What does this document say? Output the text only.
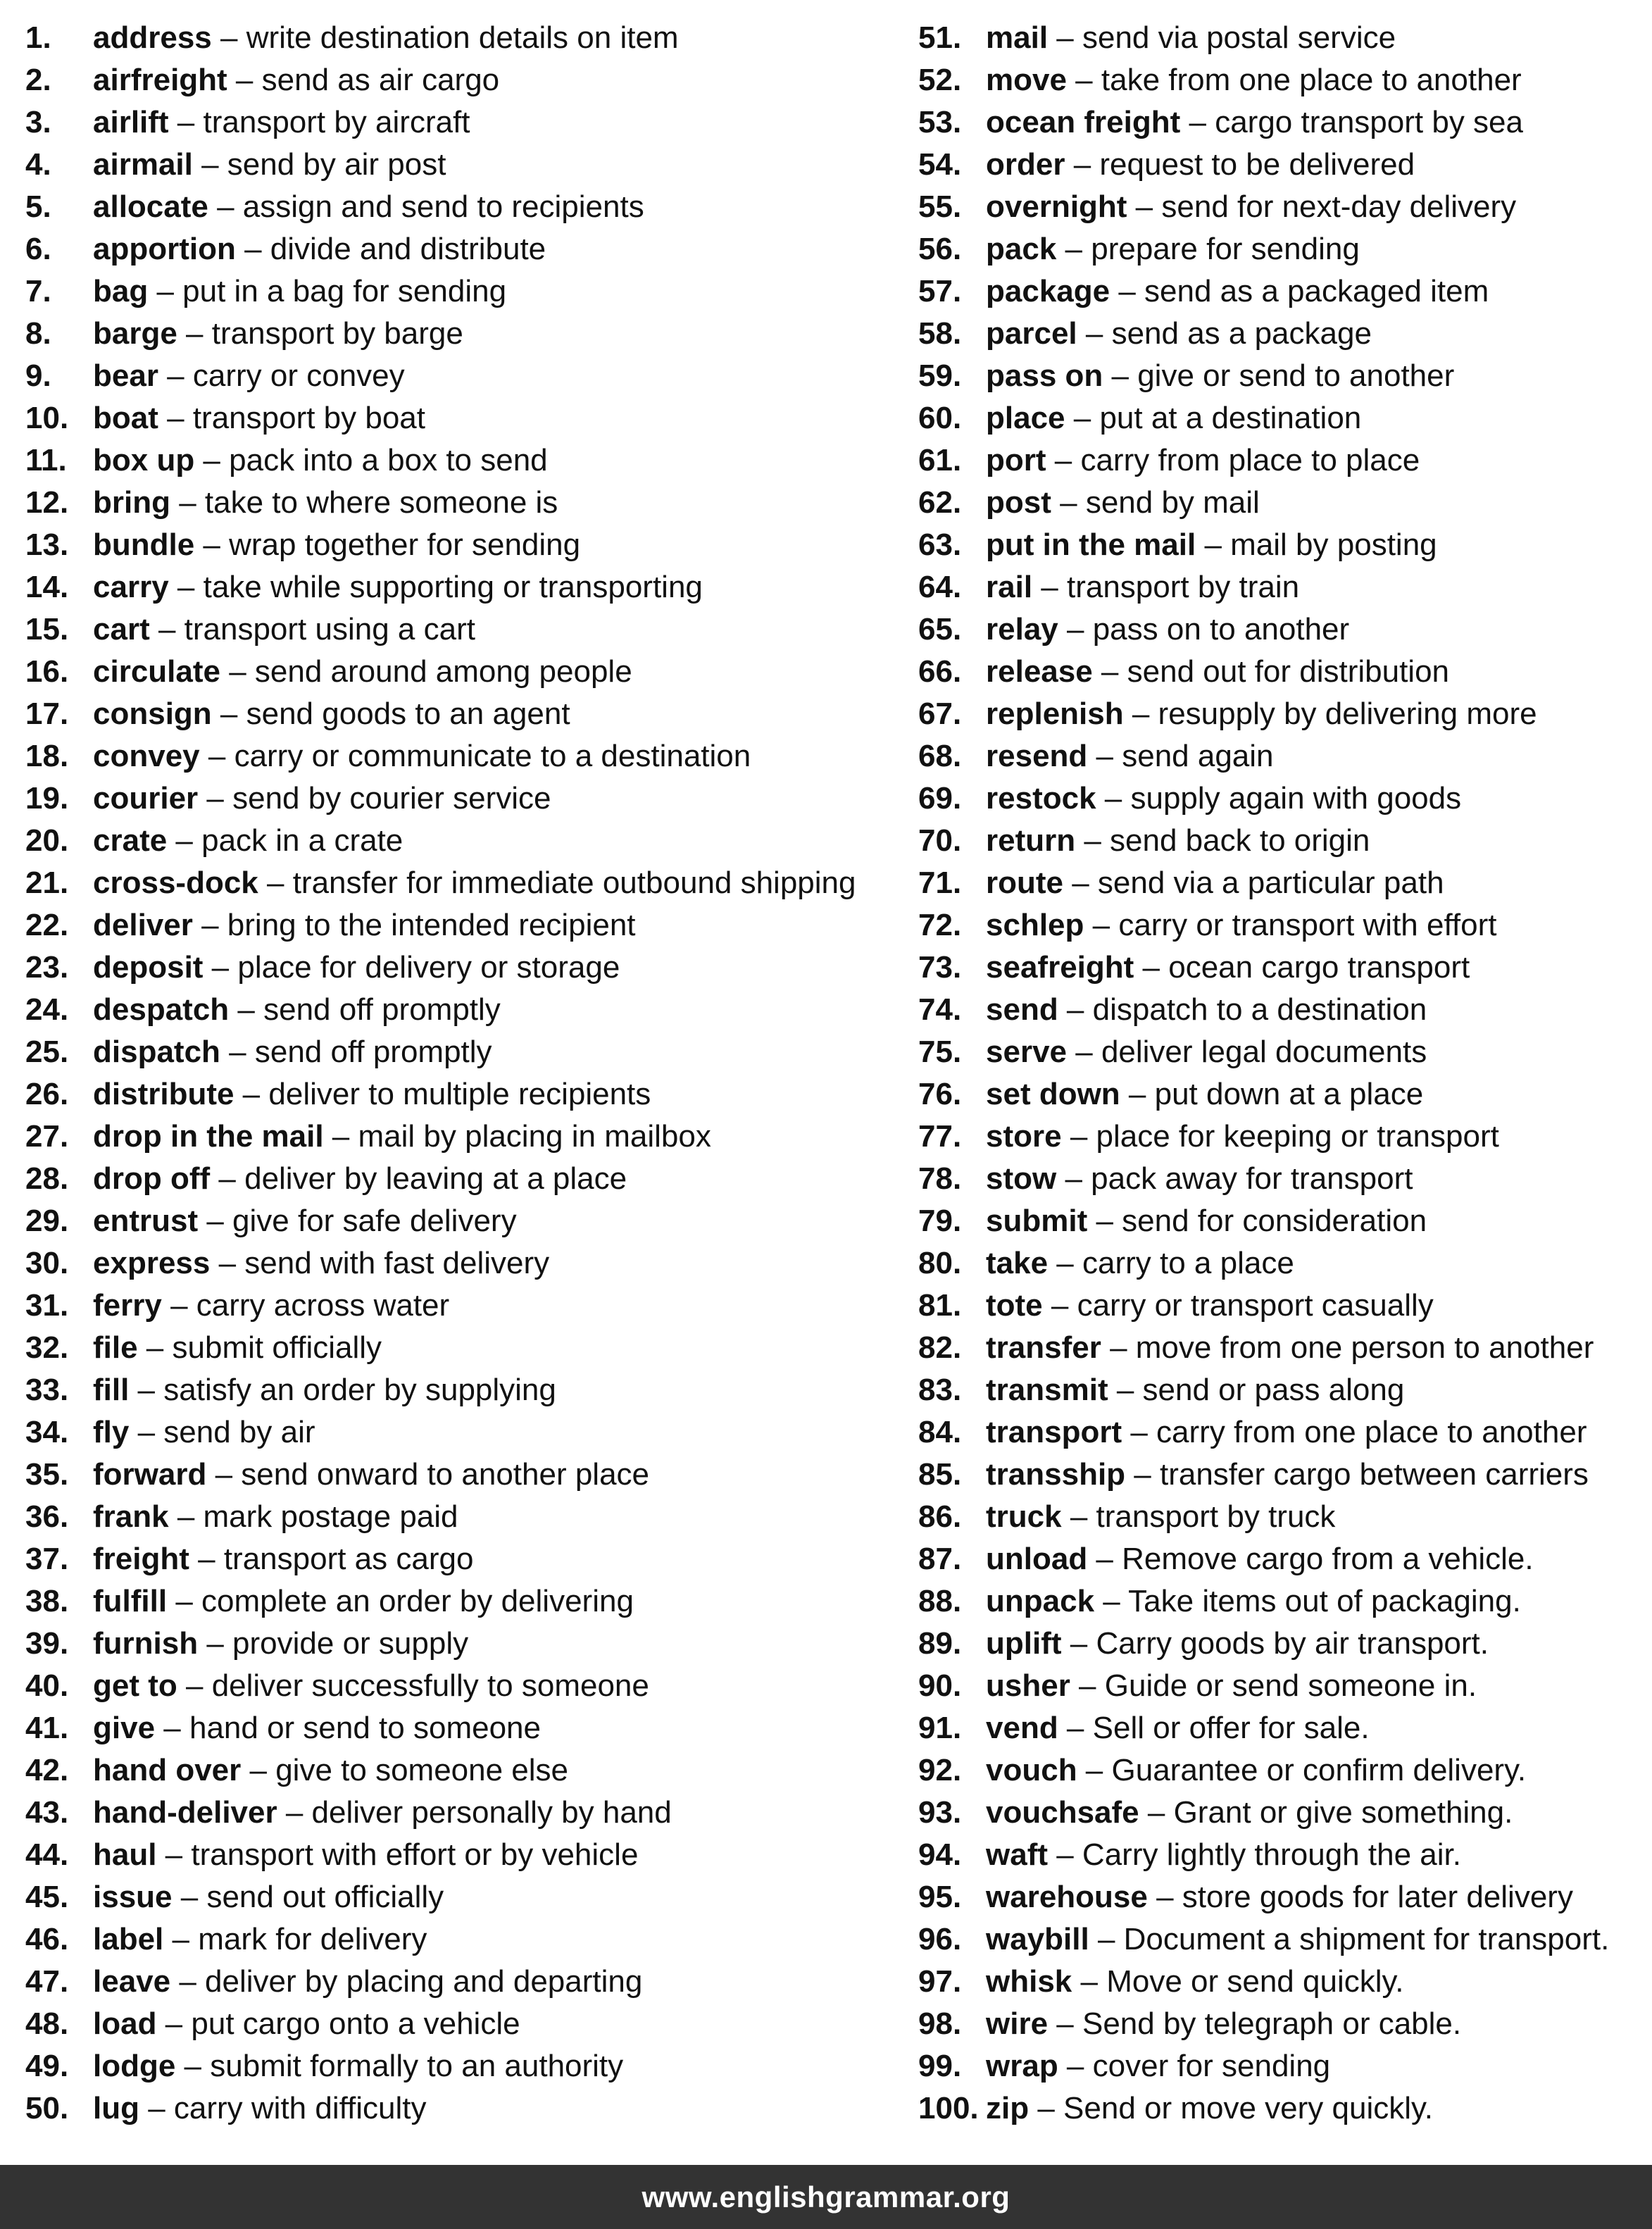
1.	address – write destination details on item
2.	airfreight – send as air cargo
3.	airlift – transport by aircraft
4.	airmail – send by air post
5.	allocate – assign and send to recipients
6.	apportion – divide and distribute
7.	bag – put in a bag for sending
8.	barge – transport by barge
9.	bear – carry or convey
10. boat – transport by boat
11. box up – pack into a box to send
12. bring – take to where someone is
13. bundle – wrap together for sending
14. carry – take while supporting or transporting
15. cart – transport using a cart
16. circulate – send around among people
17. consign – send goods to an agent
18. convey – carry or communicate to a destination
19. courier – send by courier service
20. crate – pack in a crate
21. cross-dock – transfer for immediate outbound shipping
22. deliver – bring to the intended recipient
23. deposit – place for delivery or storage
24. despatch – send off promptly
25. dispatch – send off promptly
26. distribute – deliver to multiple recipients
27. drop in the mail – mail by placing in mailbox
28. drop off – deliver by leaving at a place
29. entrust – give for safe delivery
30. express – send with fast delivery
31. ferry – carry across water
32. file – submit officially
33. fill – satisfy an order by supplying
34. fly – send by air
35. forward – send onward to another place
36. frank – mark postage paid
37. freight – transport as cargo
38. fulfill – complete an order by delivering
39. furnish – provide or supply
40. get to – deliver successfully to someone
41. give – hand or send to someone
42. hand over – give to someone else
43. hand-deliver – deliver personally by hand
44. haul – transport with effort or by vehicle
45. issue – send out officially
46. label – mark for delivery
47. leave – deliver by placing and departing
48. load – put cargo onto a vehicle
49. lodge – submit formally to an authority
50. lug – carry with difficulty
51. mail – send via postal service
52. move – take from one place to another
53. ocean freight – cargo transport by sea
54. order – request to be delivered
55. overnight – send for next-day delivery
56. pack – prepare for sending
57. package – send as a packaged item
58. parcel – send as a package
59. pass on – give or send to another
60. place – put at a destination
61. port – carry from place to place
62. post – send by mail
63. put in the mail – mail by posting
64. rail – transport by train
65. relay – pass on to another
66. release – send out for distribution
67. replenish – resupply by delivering more
68. resend – send again
69. restock – supply again with goods
70. return – send back to origin
71. route – send via a particular path
72. schlep – carry or transport with effort
73. seafreight – ocean cargo transport
74. send – dispatch to a destination
75. serve – deliver legal documents
76. set down – put down at a place
77. store – place for keeping or transport
78. stow – pack away for transport
79. submit – send for consideration
80. take – carry to a place
81. tote – carry or transport casually
82. transfer – move from one person to another
83. transmit – send or pass along
84. transport – carry from one place to another
85. transship – transfer cargo between carriers
86. truck – transport by truck
87. unload – Remove cargo from a vehicle.
88. unpack – Take items out of packaging.
89. uplift – Carry goods by air transport.
90. usher – Guide or send someone in.
91. vend – Sell or offer for sale.
92. vouch – Guarantee or confirm delivery.
93. vouchsafe – Grant or give something.
94. waft – Carry lightly through the air.
95. warehouse – store goods for later delivery
96. waybill – Document a shipment for transport.
97. whisk – Move or send quickly.
98. wire – Send by telegraph or cable.
99. wrap – cover for sending
100. zip – Send or move very quickly.
www.englishgrammar.org
